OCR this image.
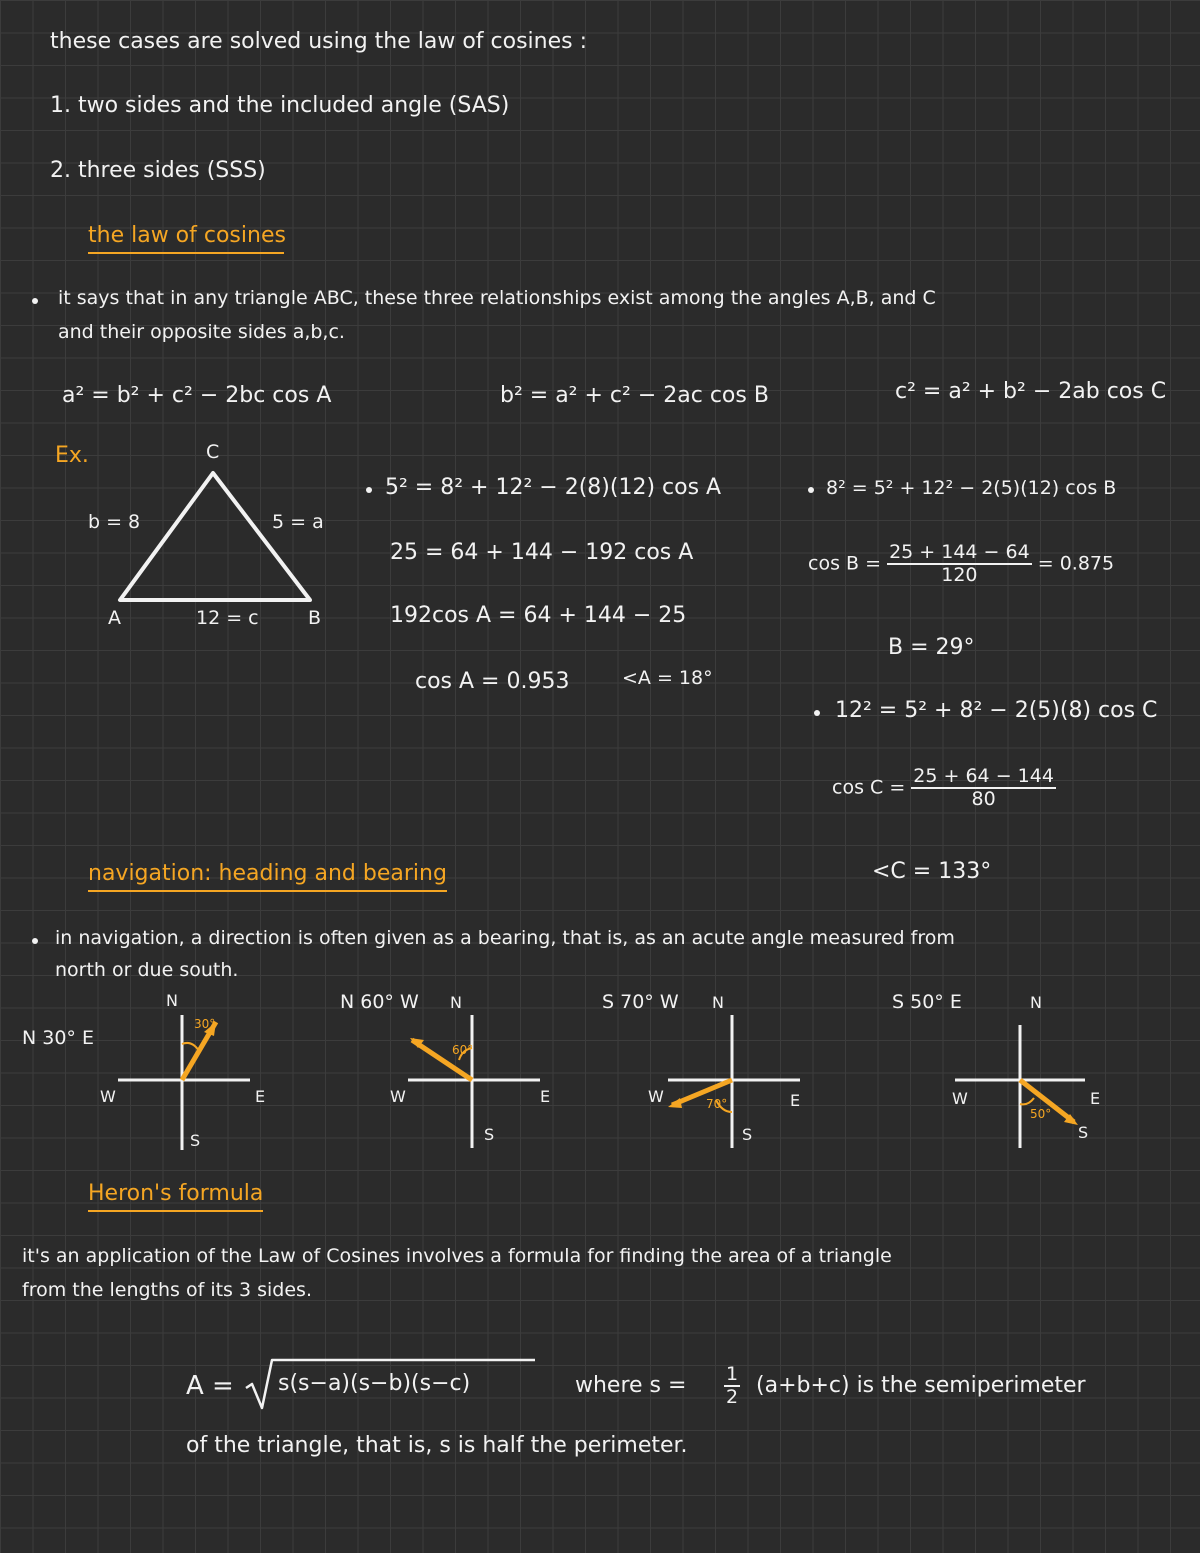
these cases are solved using the law of cosines :
1. two sides and the included angle (SAS)
2. three sides (SSS)
the law of cosines
it says that in any triangle ABC, these three relationships exist among the angles A,B, and C
and their opposite sides a,b,c.
a² = b² + c² − 2bc cos A	b² = a² + c² − 2ac cos B	c² = a² + b² − 2ab cos C
Ex.	C
A	B
b = 8	5 = a
12 = c
5² = 8² + 12² − 2(8)(12) cos A
25 = 64 + 144 − 192 cos A
192cos A = 64 + 144 − 25
cos A = 0.953	<A = 18°
8² = 5² + 12² − 2(5)(12) cos B
$\cos B = \frac{25 + 144 - 64}{120} = 0.875$
B = 29°
12² = 5² + 8² − 2(5)(8) cos C
$\cos C = \frac{25 + 64 - 144}{80}$
<C = 133°
navigation: heading and bearing
in navigation, a direction is often given as a bearing, that is, as an acute angle measured from
north or due south.
N 30° E
N
W	E
S
30°
N 60° W N
W	E
S
60°
S 70° W N
W	E
S
70°
S 50° E	N
W	E
S
50°
Heron's formula
it's an application of the Law of Cosines involves a formula for finding the area of a triangle
from the lengths of its 3 sides.
A = s(s−a)(s−b)(s−c)	where $s = \frac{1}{2} (a+b+c)$ is the semiperimeter
of the triangle, that is, s is half the perimeter.
